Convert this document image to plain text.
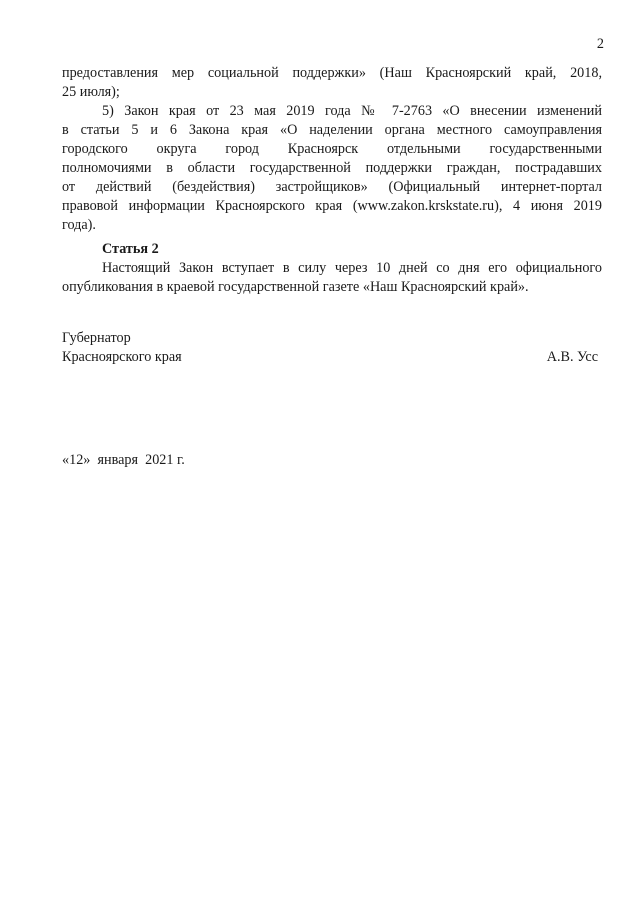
2
предоставления мер социальной поддержки» (Наш Красноярский край, 2018,
25 июля);
5) Закон края от 23 мая 2019 года № 7-2763 «О внесении изменений
в статьи 5 и 6 Закона края «О наделении органа местного самоуправления
городского округа город Красноярск отдельными государственными
полномочиями в области государственной поддержки граждан, пострадавших
от действий (бездействия) застройщиков» (Официальный интернет-портал
правовой информации Красноярского края (www.zakon.krskstate.ru), 4 июня 2019
года).
Статья 2
Настоящий Закон вступает в силу через 10 дней со дня его официального
опубликования в краевой государственной газете «Наш Красноярский край».
Губернатор
Красноярского края	А.В. Усс
«12»  января  2021 г.
